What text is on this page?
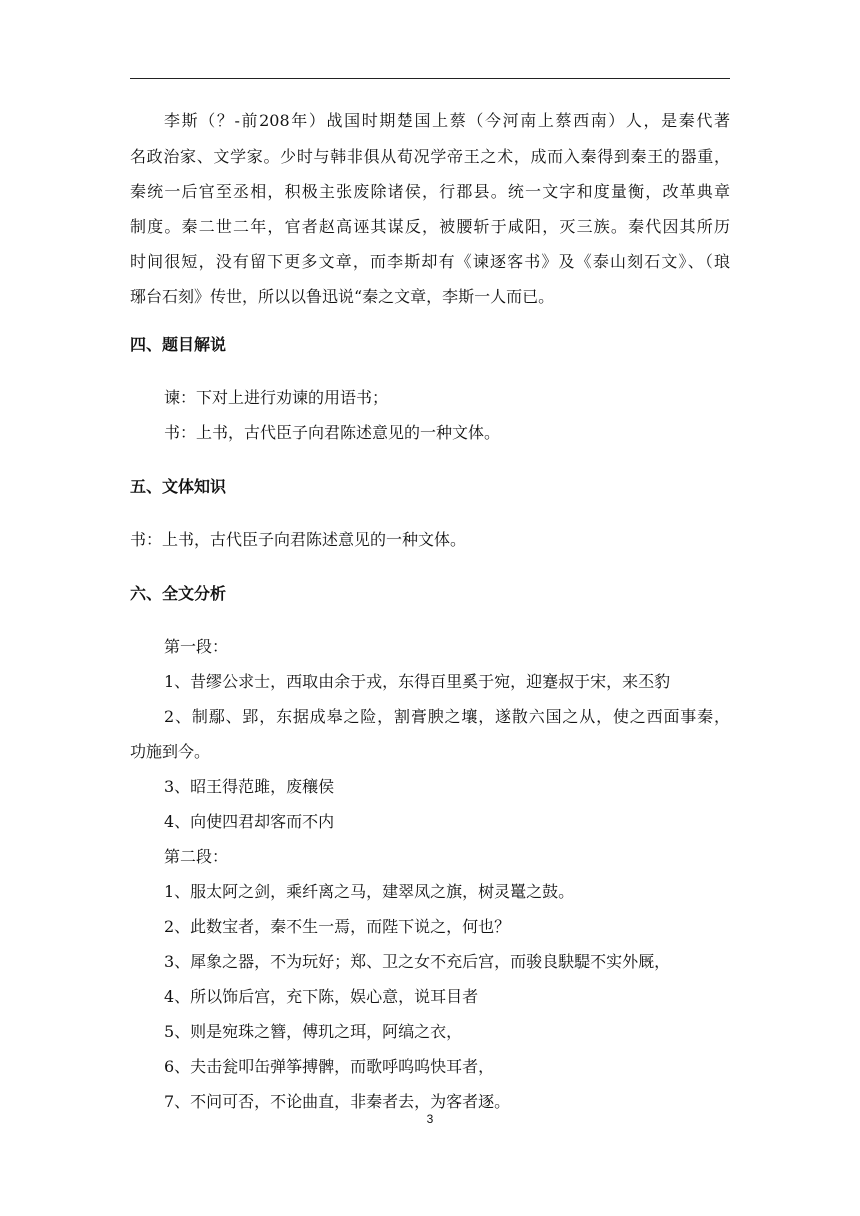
李斯（？-前208年）战国时期楚国上蔡（今河南上蔡西南）人，是秦代著
名政治家、文学家。少时与韩非俱从荀况学帝王之术，成而入秦得到秦王的器重，
秦统一后官至丞相，积极主张废除诸侯，行郡县。统一文字和度量衡，改革典章
制度。秦二世二年，官者赵高诬其谋反，被腰斩于咸阳，灭三族。秦代因其所历
时间很短，没有留下更多文章，而李斯却有《谏逐客书》及《泰山刻石文》、（琅
琊台石刻》传世，所以以鲁迅说“秦之文章，李斯一人而已。
四、题目解说
谏：下对上进行劝谏的用语书；
书：上书，古代臣子向君陈述意见的一种文体。
五、文体知识
书：上书，古代臣子向君陈述意见的一种文体。
六、全文分析
第一段：
1、昔缪公求士，西取由余于戎，东得百里奚于宛，迎蹇叔于宋，来丕豹
2、制鄢、郢，东据成皋之险，割膏腴之壤，遂散六国之从，使之西面事秦，
功施到今。
3、昭王得范雎，废穰侯
4、向使四君却客而不内
第二段：
1、服太阿之剑，乘纤离之马，建翠凤之旗，树灵鼍之鼓。
2、此数宝者，秦不生一焉，而陛下说之，何也？
3、犀象之器，不为玩好；郑、卫之女不充后宫，而骏良駃騠不实外厩，
4、所以饰后宫，充下陈，娱心意，说耳目者
5、则是宛珠之簪，傅玑之珥，阿缟之衣，
6、夫击瓮叩缶弹筝搏髀，而歌呼呜呜快耳者，
7、不问可否，不论曲直，非秦者去，为客者逐。
3
